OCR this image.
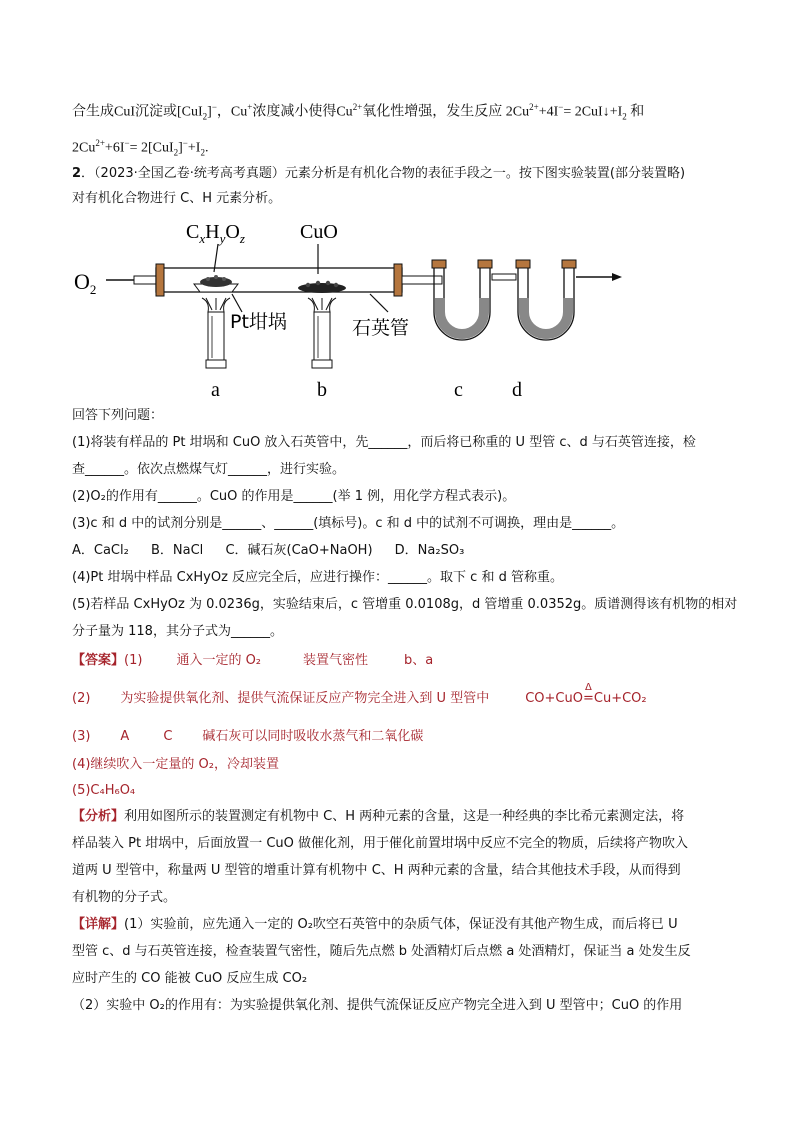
合生成CuI沉淀或[CuI$_2$]−，Cu+浓度减小使得$Cu^{2+}$氧化性增强，发生反应 $2Cu^{2+}+4I^-=$ $2CuI↓+I_2$ 和
$2Cu^{2+}+6I^-= 2[CuI_2]^-+I_2$.
2．（2023·全国乙卷·统考高考真题）元素分析是有机化合物的表征手段之一。按下图实验装置(部分装置略)
对有机化合物进行 C、H 元素分析。
$O_2$
$C_xH_yO_z$	CuO
Pt坩埚	石英管
a	b	c d
回答下列问题：
(1)将装有样品的 Pt 坩埚和 CuO 放入石英管中，先______，而后将已称重的 U 型管 c、d 与石英管连接，检
查______。依次点燃煤气灯______，进行实验。
(2)O₂的作用有______。CuO 的作用是______(举 1 例，用化学方程式表示)。
(3)c 和 d 中的试剂分别是______、______(填标号)。c 和 d 中的试剂不可调换，理由是______。
A．CaCl₂ B．NaCl C．碱石灰(CaO+NaOH) D．Na₂SO₃
(4)Pt 坩埚中样品 CxHyOz 反应完全后，应进行操作：______。取下 c 和 d 管称重。
(5)若样品 CxHyOz 为 0.0236g，实验结束后，c 管增重 0.0108g，d 管增重 0.0352g。质谱测得该有机物的相对
分子量为 118，其分子式为______。
【答案】(1)	通入一定的 O₂	装置气密性	b、a
(2) 为实验提供氧化剂、提供气流保证反应产物完全进入到 U 型管中	CO+CuO
Δ
=Cu+CO₂
(3) A	C 碱石灰可以同时吸收水蒸气和二氧化碳
(4)继续吹入一定量的 O₂，冷却装置
(5)C₄H₆O₄
【分析】利用如图所示的装置测定有机物中 C、H 两种元素的含量，这是一种经典的李比希元素测定法，将
样品装入 Pt 坩埚中，后面放置一 CuO 做催化剂，用于催化前置坩埚中反应不完全的物质，后续将产物吹入
道两 U 型管中，称量两 U 型管的增重计算有机物中 C、H 两种元素的含量，结合其他技术手段，从而得到
有机物的分子式。
【详解】(1）实验前，应先通入一定的 O₂吹空石英管中的杂质气体，保证没有其他产物生成，而后将已 U
型管 c、d 与石英管连接，检查装置气密性，随后先点燃 b 处酒精灯后点燃 a 处酒精灯，保证当 a 处发生反
应时产生的 CO 能被 CuO 反应生成 CO₂
（2）实验中 O₂的作用有：为实验提供氧化剂、提供气流保证反应产物完全进入到 U 型管中；CuO 的作用
